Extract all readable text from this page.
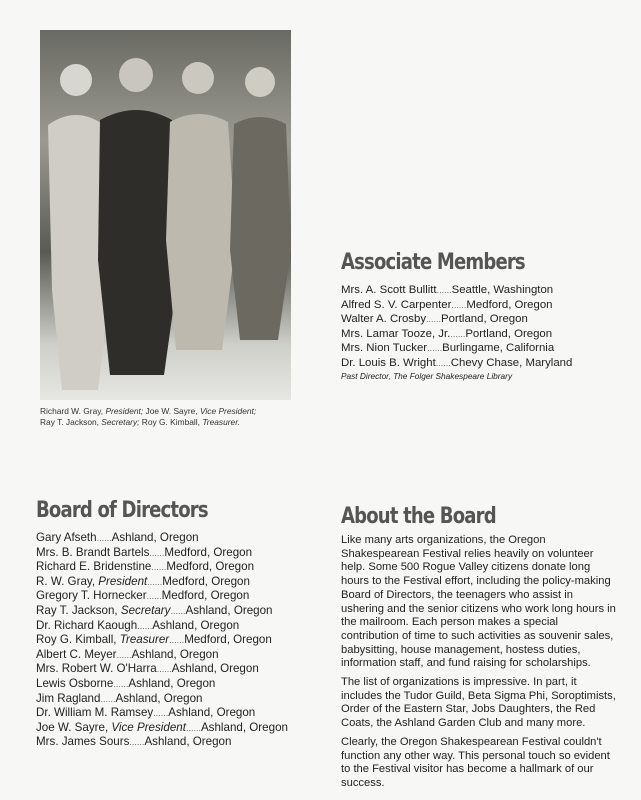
Richard W. Gray, President; Joe W. Sayre, Vice President;
Ray T. Jackson, Secretary; Roy G. Kimball, Treasurer.
Associate Members
Mrs. A. Scott Bullitt......Seattle, Washington
Alfred S. V. Carpenter......Medford, Oregon
Walter A. Crosby......Portland, Oregon
Mrs. Lamar Tooze, Jr.......Portland, Oregon
Mrs. Nion Tucker......Burlingame, California
Dr. Louis B. Wright......Chevy Chase, Maryland
Past Director, The Folger Shakespeare Library
Board of Directors
Gary Afseth......Ashland, Oregon
Mrs. B. Brandt Bartels......Medford, Oregon
Richard E. Bridenstine......Medford, Oregon
R. W. Gray, President......Medford, Oregon
Gregory T. Hornecker......Medford, Oregon
Ray T. Jackson, Secretary......Ashland, Oregon
Dr. Richard Kaough......Ashland, Oregon
Roy G. Kimball, Treasurer......Medford, Oregon
Albert C. Meyer......Ashland, Oregon
Mrs. Robert W. O'Harra......Ashland, Oregon
Lewis Osborne......Ashland, Oregon
Jim Ragland......Ashland, Oregon
Dr. William M. Ramsey......Ashland, Oregon
Joe W. Sayre, Vice President......Ashland, Oregon
Mrs. James Sours......Ashland, Oregon
About the Board

Like many arts organizations, the Oregon Shakespearean Festival relies heavily on volunteer help. Some 500 Rogue Valley citizens donate long hours to the Festival effort, including the policy-making Board of Directors, the teenagers who assist in ushering and the senior citizens who work long hours in the mailroom. Each person makes a special contribution of time to such activities as souvenir sales, babysitting, house management, hostess duties, information staff, and fund raising for scholarships.

The list of organizations is impressive. In part, it includes the Tudor Guild, Beta Sigma Phi, Soroptimists, Order of the Eastern Star, Jobs Daughters, the Red Coats, the Ashland Garden Club and many more.

Clearly, the Oregon Shakespearean Festival couldn't function any other way. This personal touch so evident to the Festival visitor has become a hallmark of our success.
